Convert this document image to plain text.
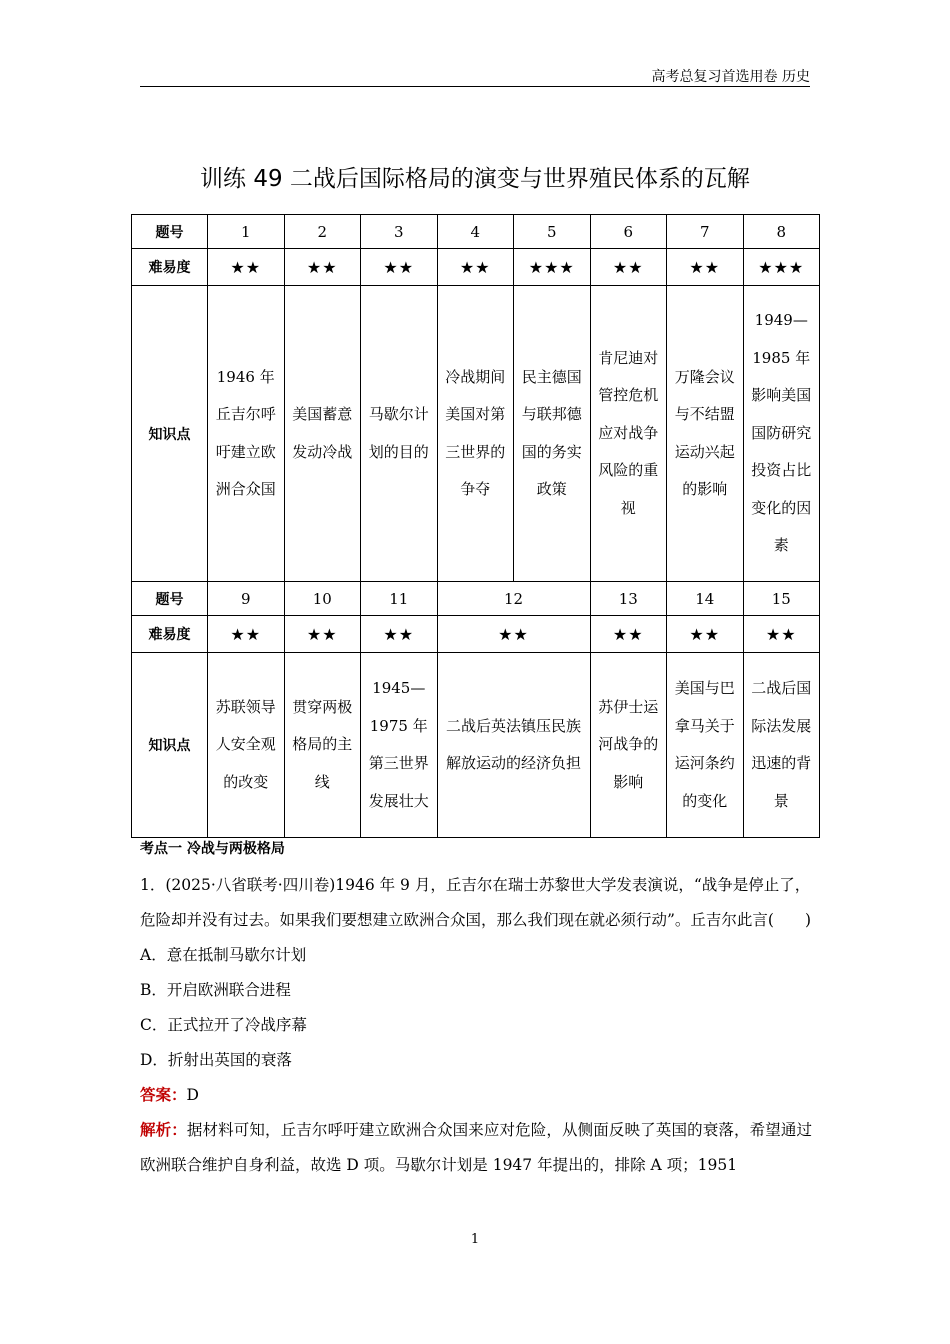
高考总复习首选用卷 历史
训练 49 二战后国际格局的演变与世界殖民体系的瓦解
题号	1	2	3	4	5	6	7	8
难易度	★★	★★	★★	★★	★★★	★★	★★	★★★
知识点	1946 年丘吉尔呼吁建立欧洲合众国	美国蓄意发动冷战	马歇尔计划的目的	冷战期间美国对第三世界的争夺	民主德国与联邦德国的务实政策	肯尼迪对管控危机应对战争风险的重视	万隆会议与不结盟运动兴起的影响	1949—1985 年影响美国国防研究投资占比变化的因素
题号	9	10	11	12		13	14	15
难易度	★★	★★	★★	★★		★★	★★	★★
知识点	苏联领导人安全观的改变	贯穿两极格局的主线	1945—1975 年第三世界发展壮大	二战后英法镇压民族解放运动的经济负担		苏伊士运河战争的影响	美国与巴拿马关于运河条约的变化	二战后国际法发展迅速的背景
考点一 冷战与两极格局

1．(2025·八省联考·四川卷)1946 年 9 月，丘吉尔在瑞士苏黎世大学发表演说，“战争是停止了，危险却并没有过去。如果我们要想建立欧洲合众国，那么我们现在就必须行动”。丘吉尔此言(　　)

A．意在抵制马歇尔计划

B．开启欧洲联合进程

C．正式拉开了冷战序幕

D．折射出英国的衰落

答案：D

解析：据材料可知，丘吉尔呼吁建立欧洲合众国来应对危险，从侧面反映了英国的衰落，希望通过欧洲联合维护自身利益，故选 D 项。马歇尔计划是 1947 年提出的，排除 A 项；1951

1
